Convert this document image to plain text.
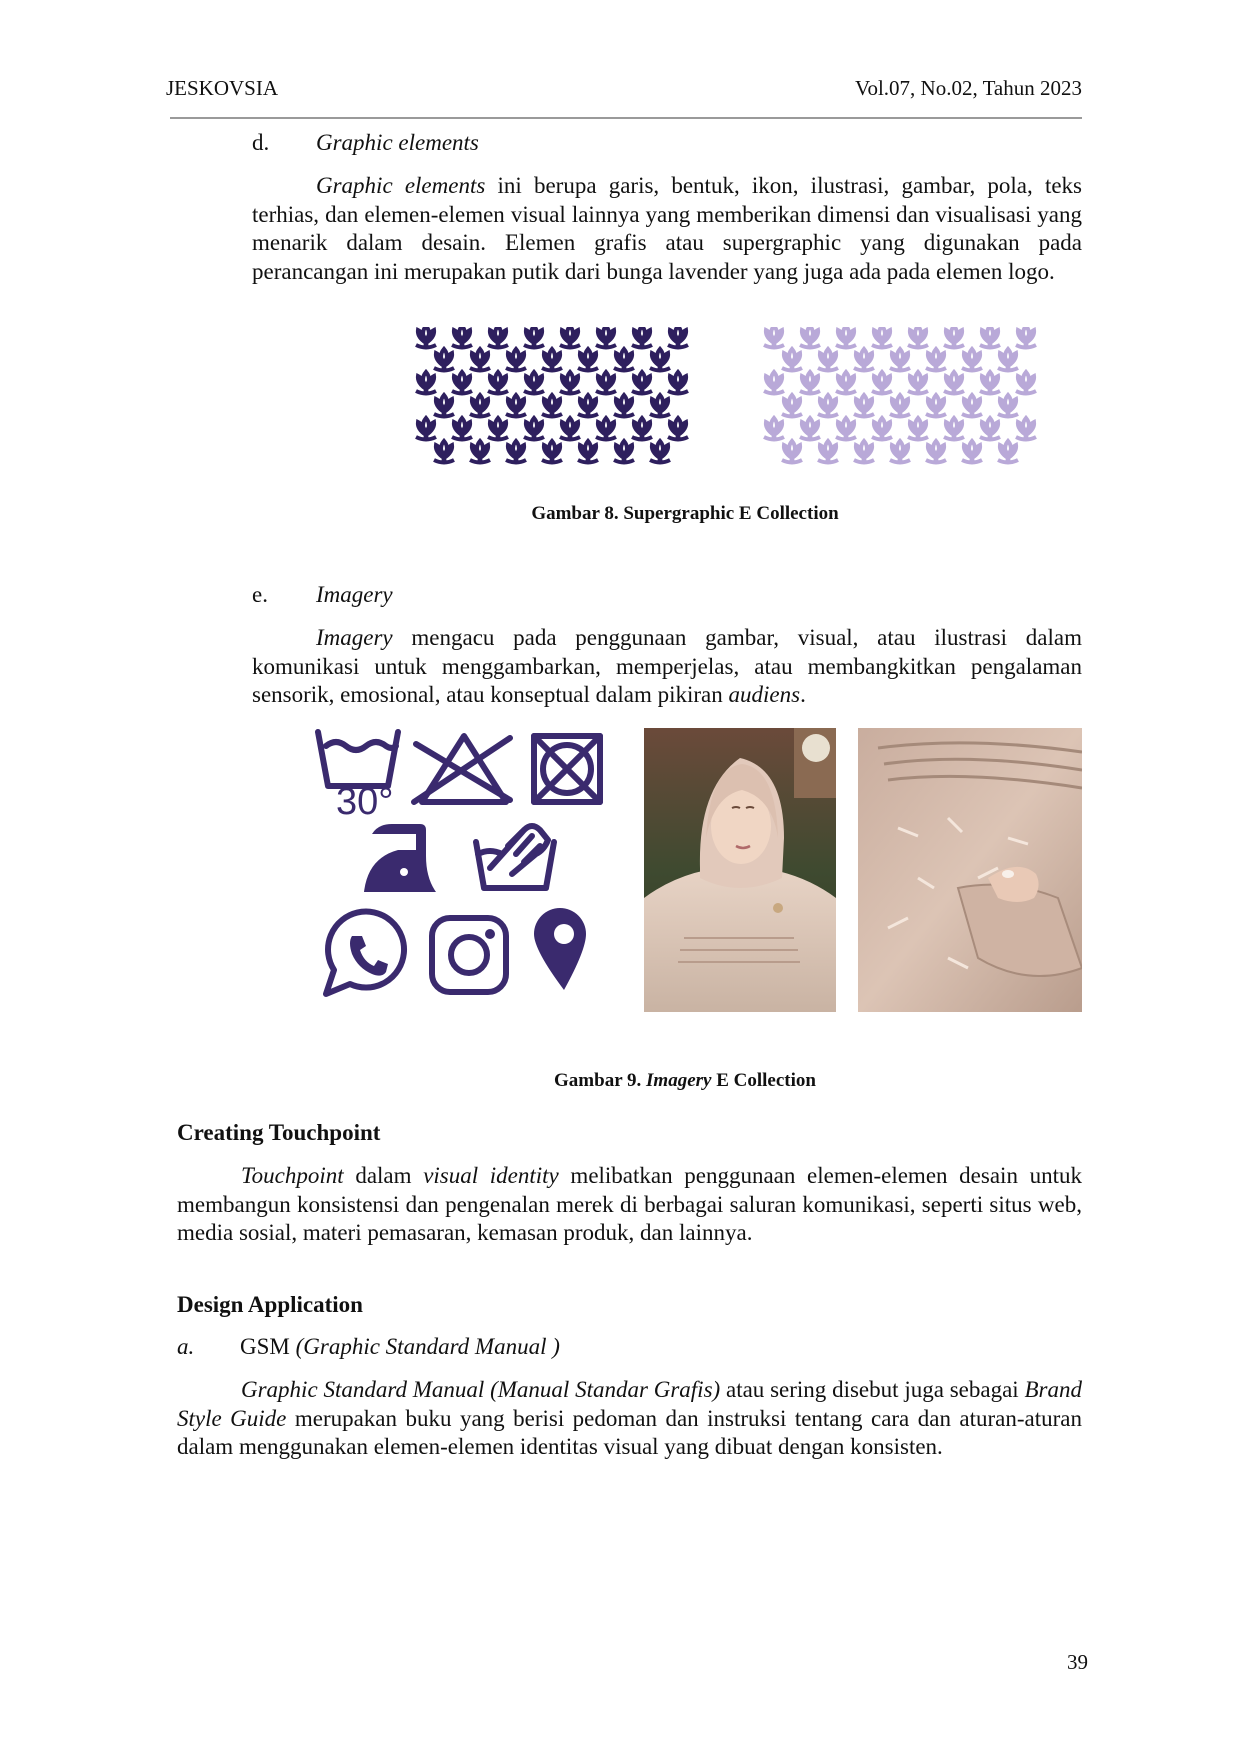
JESKOVSIA	Vol.07, No.02, Tahun 2023
d. Graphic elements

Graphic elements ini berupa garis, bentuk, ikon, ilustrasi, gambar, pola, teks terhias, dan elemen-elemen visual lainnya yang memberikan dimensi dan visualisasi yang menarik dalam desain. Elemen grafis atau supergraphic yang digunakan pada perancangan ini merupakan putik dari bunga lavender yang juga ada pada elemen logo.

Gambar 8. Supergraphic E Collection
e. Imagery

Imagery mengacu pada penggunaan gambar, visual, atau ilustrasi dalam komunikasi untuk menggambarkan, memperjelas, atau membangkitkan pengalaman sensorik, emosional, atau konseptual dalam pikiran audiens.

30°
Gambar 9. Imagery E Collection
Creating Touchpoint

Touchpoint dalam visual identity melibatkan penggunaan elemen-elemen desain untuk membangun konsistensi dan pengenalan merek di berbagai saluran komunikasi, seperti situs web, media sosial, materi pemasaran, kemasan produk, dan lainnya.

Design Application
a. GSM (Graphic Standard Manual )

Graphic Standard Manual (Manual Standar Grafis) atau sering disebut juga sebagai Brand Style Guide merupakan buku yang berisi pedoman dan instruksi tentang cara dan aturan-aturan dalam menggunakan elemen-elemen identitas visual yang dibuat dengan konsisten.

39
